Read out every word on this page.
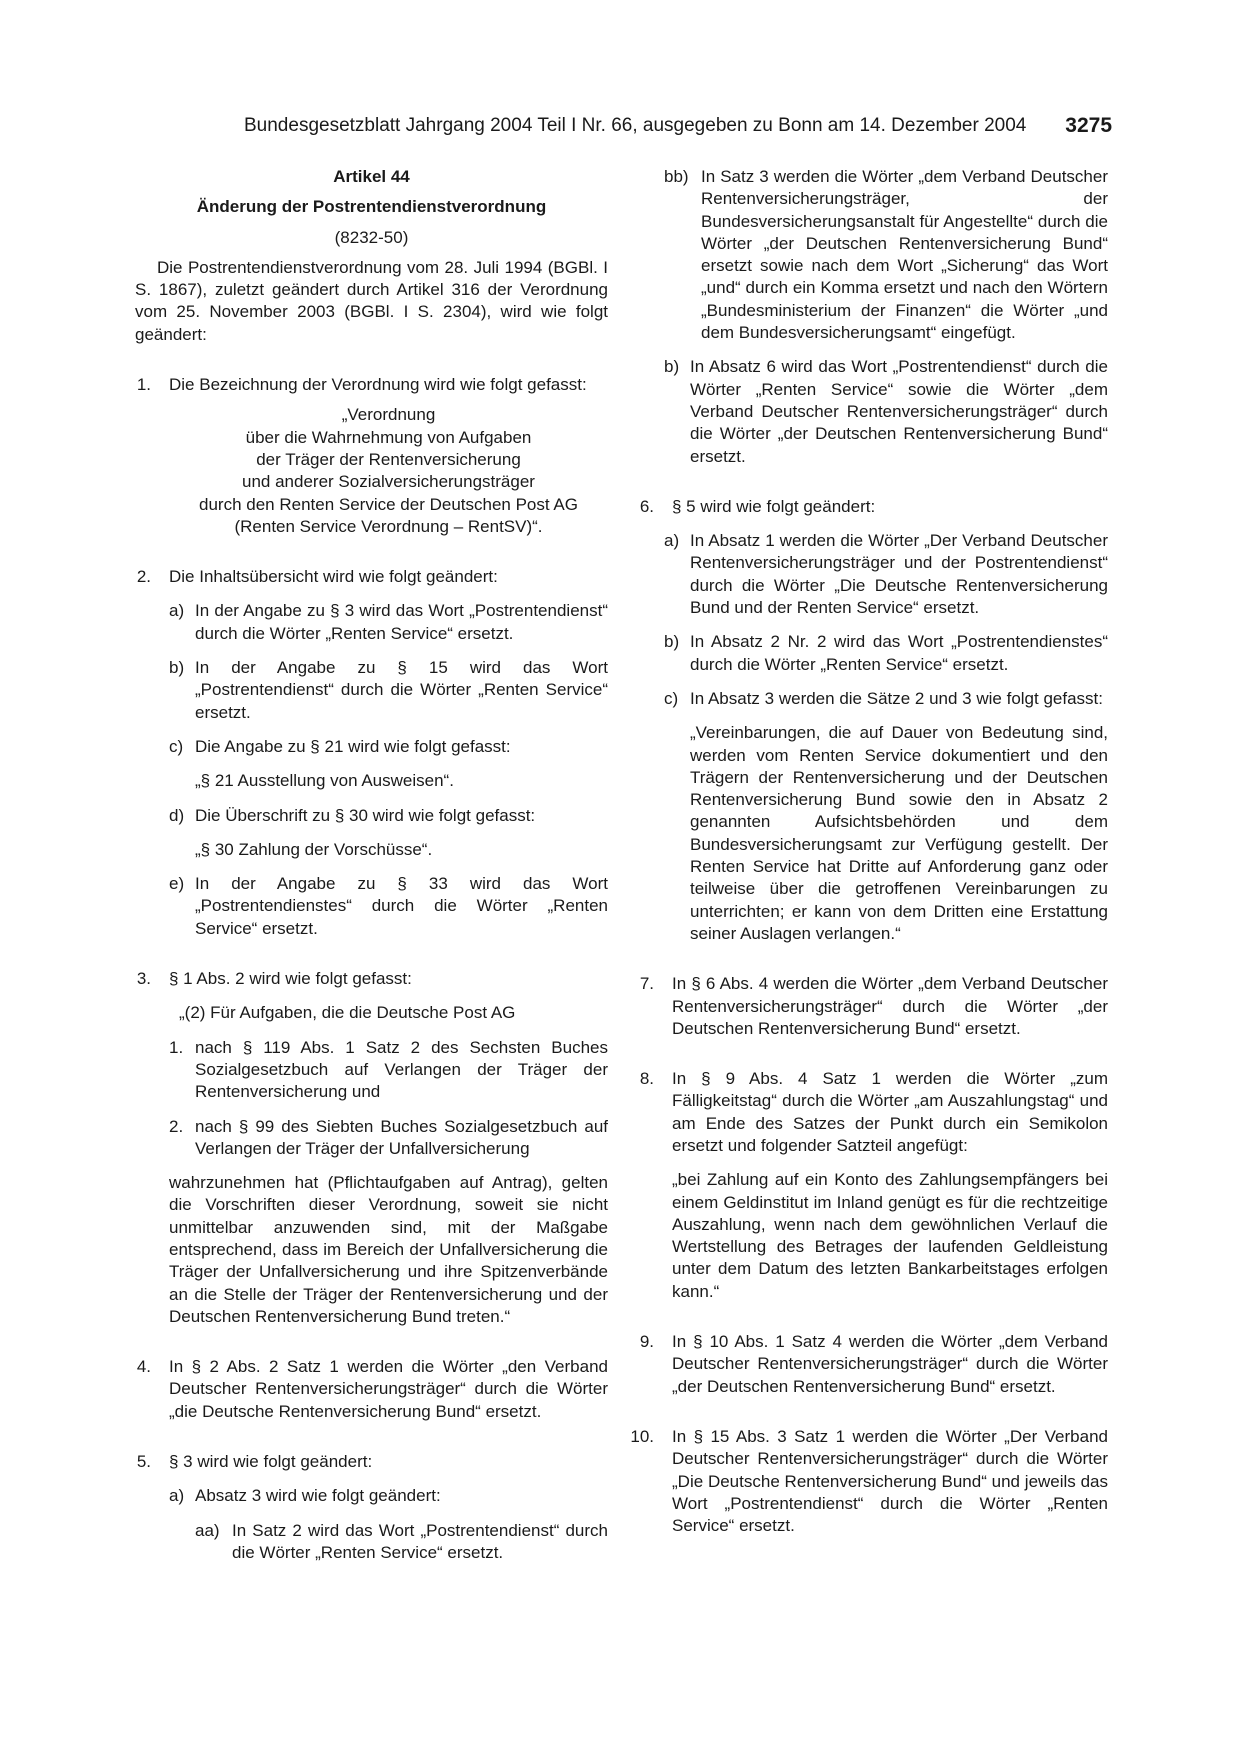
Bundesgesetzblatt Jahrgang 2004 Teil I Nr. 66, ausgegeben zu Bonn am 14. Dezember 2004 3275

Artikel 44

Änderung der Postrentendienstverordnung

(8232-50)

Die Postrentendienstverordnung vom 28. Juli 1994 (BGBl. I S. 1867), zuletzt geändert durch Artikel 316 der Verordnung vom 25. November 2003 (BGBl. I S. 2304), wird wie folgt geändert:

1. Die Bezeichnung der Verordnung wird wie folgt gefasst:

„Verordnung

über die Wahrnehmung von Aufgaben

der Träger der Rentenversicherung

und anderer Sozialversicherungsträger

durch den Renten Service der Deutschen Post AG

(Renten Service Verordnung – RentSV)“.

2. Die Inhaltsübersicht wird wie folgt geändert:

a) In der Angabe zu § 3 wird das Wort „Postrentendienst“ durch die Wörter „Renten Service“ ersetzt.

b) In der Angabe zu § 15 wird das Wort „Postrentendienst“ durch die Wörter „Renten Service“ ersetzt.

c) Die Angabe zu § 21 wird wie folgt gefasst:

„§ 21 Ausstellung von Ausweisen“.

d) Die Überschrift zu § 30 wird wie folgt gefasst:

„§ 30 Zahlung der Vorschüsse“.

e) In der Angabe zu § 33 wird das Wort „Postrentendienstes“ durch die Wörter „Renten Service“ ersetzt.

3. § 1 Abs. 2 wird wie folgt gefasst:

„(2) Für Aufgaben, die die Deutsche Post AG

1. nach § 119 Abs. 1 Satz 2 des Sechsten Buches Sozialgesetzbuch auf Verlangen der Träger der Rentenversicherung und

2. nach § 99 des Siebten Buches Sozialgesetzbuch auf Verlangen der Träger der Unfallversicherung

wahrzunehmen hat (Pflichtaufgaben auf Antrag), gelten die Vorschriften dieser Verordnung, soweit sie nicht unmittelbar anzuwenden sind, mit der Maßgabe entsprechend, dass im Bereich der Unfallversicherung die Träger der Unfallversicherung und ihre Spitzenverbände an die Stelle der Träger der Rentenversicherung und der Deutschen Rentenversicherung Bund treten.“

4. In § 2 Abs. 2 Satz 1 werden die Wörter „den Verband Deutscher Rentenversicherungsträger“ durch die Wörter „die Deutsche Rentenversicherung Bund“ ersetzt.

5. § 3 wird wie folgt geändert:

a) Absatz 3 wird wie folgt geändert:

aa) In Satz 2 wird das Wort „Postrentendienst“ durch die Wörter „Renten Service“ ersetzt.

bb) In Satz 3 werden die Wörter „dem Verband Deutscher Rentenversicherungsträger, der Bundesversicherungsanstalt für Angestellte“ durch die Wörter „der Deutschen Rentenversicherung Bund“ ersetzt sowie nach dem Wort „Sicherung“ das Wort „und“ durch ein Komma ersetzt und nach den Wörtern „Bundesministerium der Finanzen“ die Wörter „und dem Bundesversicherungsamt“ eingefügt.

b) In Absatz 6 wird das Wort „Postrentendienst“ durch die Wörter „Renten Service“ sowie die Wörter „dem Verband Deutscher Rentenversicherungsträger“ durch die Wörter „der Deutschen Rentenversicherung Bund“ ersetzt.

6. § 5 wird wie folgt geändert:

a) In Absatz 1 werden die Wörter „Der Verband Deutscher Rentenversicherungsträger und der Postrentendienst“ durch die Wörter „Die Deutsche Rentenversicherung Bund und der Renten Service“ ersetzt.

b) In Absatz 2 Nr. 2 wird das Wort „Postrentendienstes“ durch die Wörter „Renten Service“ ersetzt.

c) In Absatz 3 werden die Sätze 2 und 3 wie folgt gefasst:

„Vereinbarungen, die auf Dauer von Bedeutung sind, werden vom Renten Service dokumentiert und den Trägern der Rentenversicherung und der Deutschen Rentenversicherung Bund sowie den in Absatz 2 genannten Aufsichtsbehörden und dem Bundesversicherungsamt zur Verfügung gestellt. Der Renten Service hat Dritte auf Anforderung ganz oder teilweise über die getroffenen Vereinbarungen zu unterrichten; er kann von dem Dritten eine Erstattung seiner Auslagen verlangen.“

7. In § 6 Abs. 4 werden die Wörter „dem Verband Deutscher Rentenversicherungsträger“ durch die Wörter „der Deutschen Rentenversicherung Bund“ ersetzt.

8. In § 9 Abs. 4 Satz 1 werden die Wörter „zum Fälligkeitstag“ durch die Wörter „am Auszahlungstag“ und am Ende des Satzes der Punkt durch ein Semikolon ersetzt und folgender Satzteil angefügt:

„bei Zahlung auf ein Konto des Zahlungsempfängers bei einem Geldinstitut im Inland genügt es für die rechtzeitige Auszahlung, wenn nach dem gewöhnlichen Verlauf die Wertstellung des Betrages der laufenden Geldleistung unter dem Datum des letzten Bankarbeitstages erfolgen kann.“

9. In § 10 Abs. 1 Satz 4 werden die Wörter „dem Verband Deutscher Rentenversicherungsträger“ durch die Wörter „der Deutschen Rentenversicherung Bund“ ersetzt.

10. In § 15 Abs. 3 Satz 1 werden die Wörter „Der Verband Deutscher Rentenversicherungsträger“ durch die Wörter „Die Deutsche Rentenversicherung Bund“ und jeweils das Wort „Postrentendienst“ durch die Wörter „Renten Service“ ersetzt.
